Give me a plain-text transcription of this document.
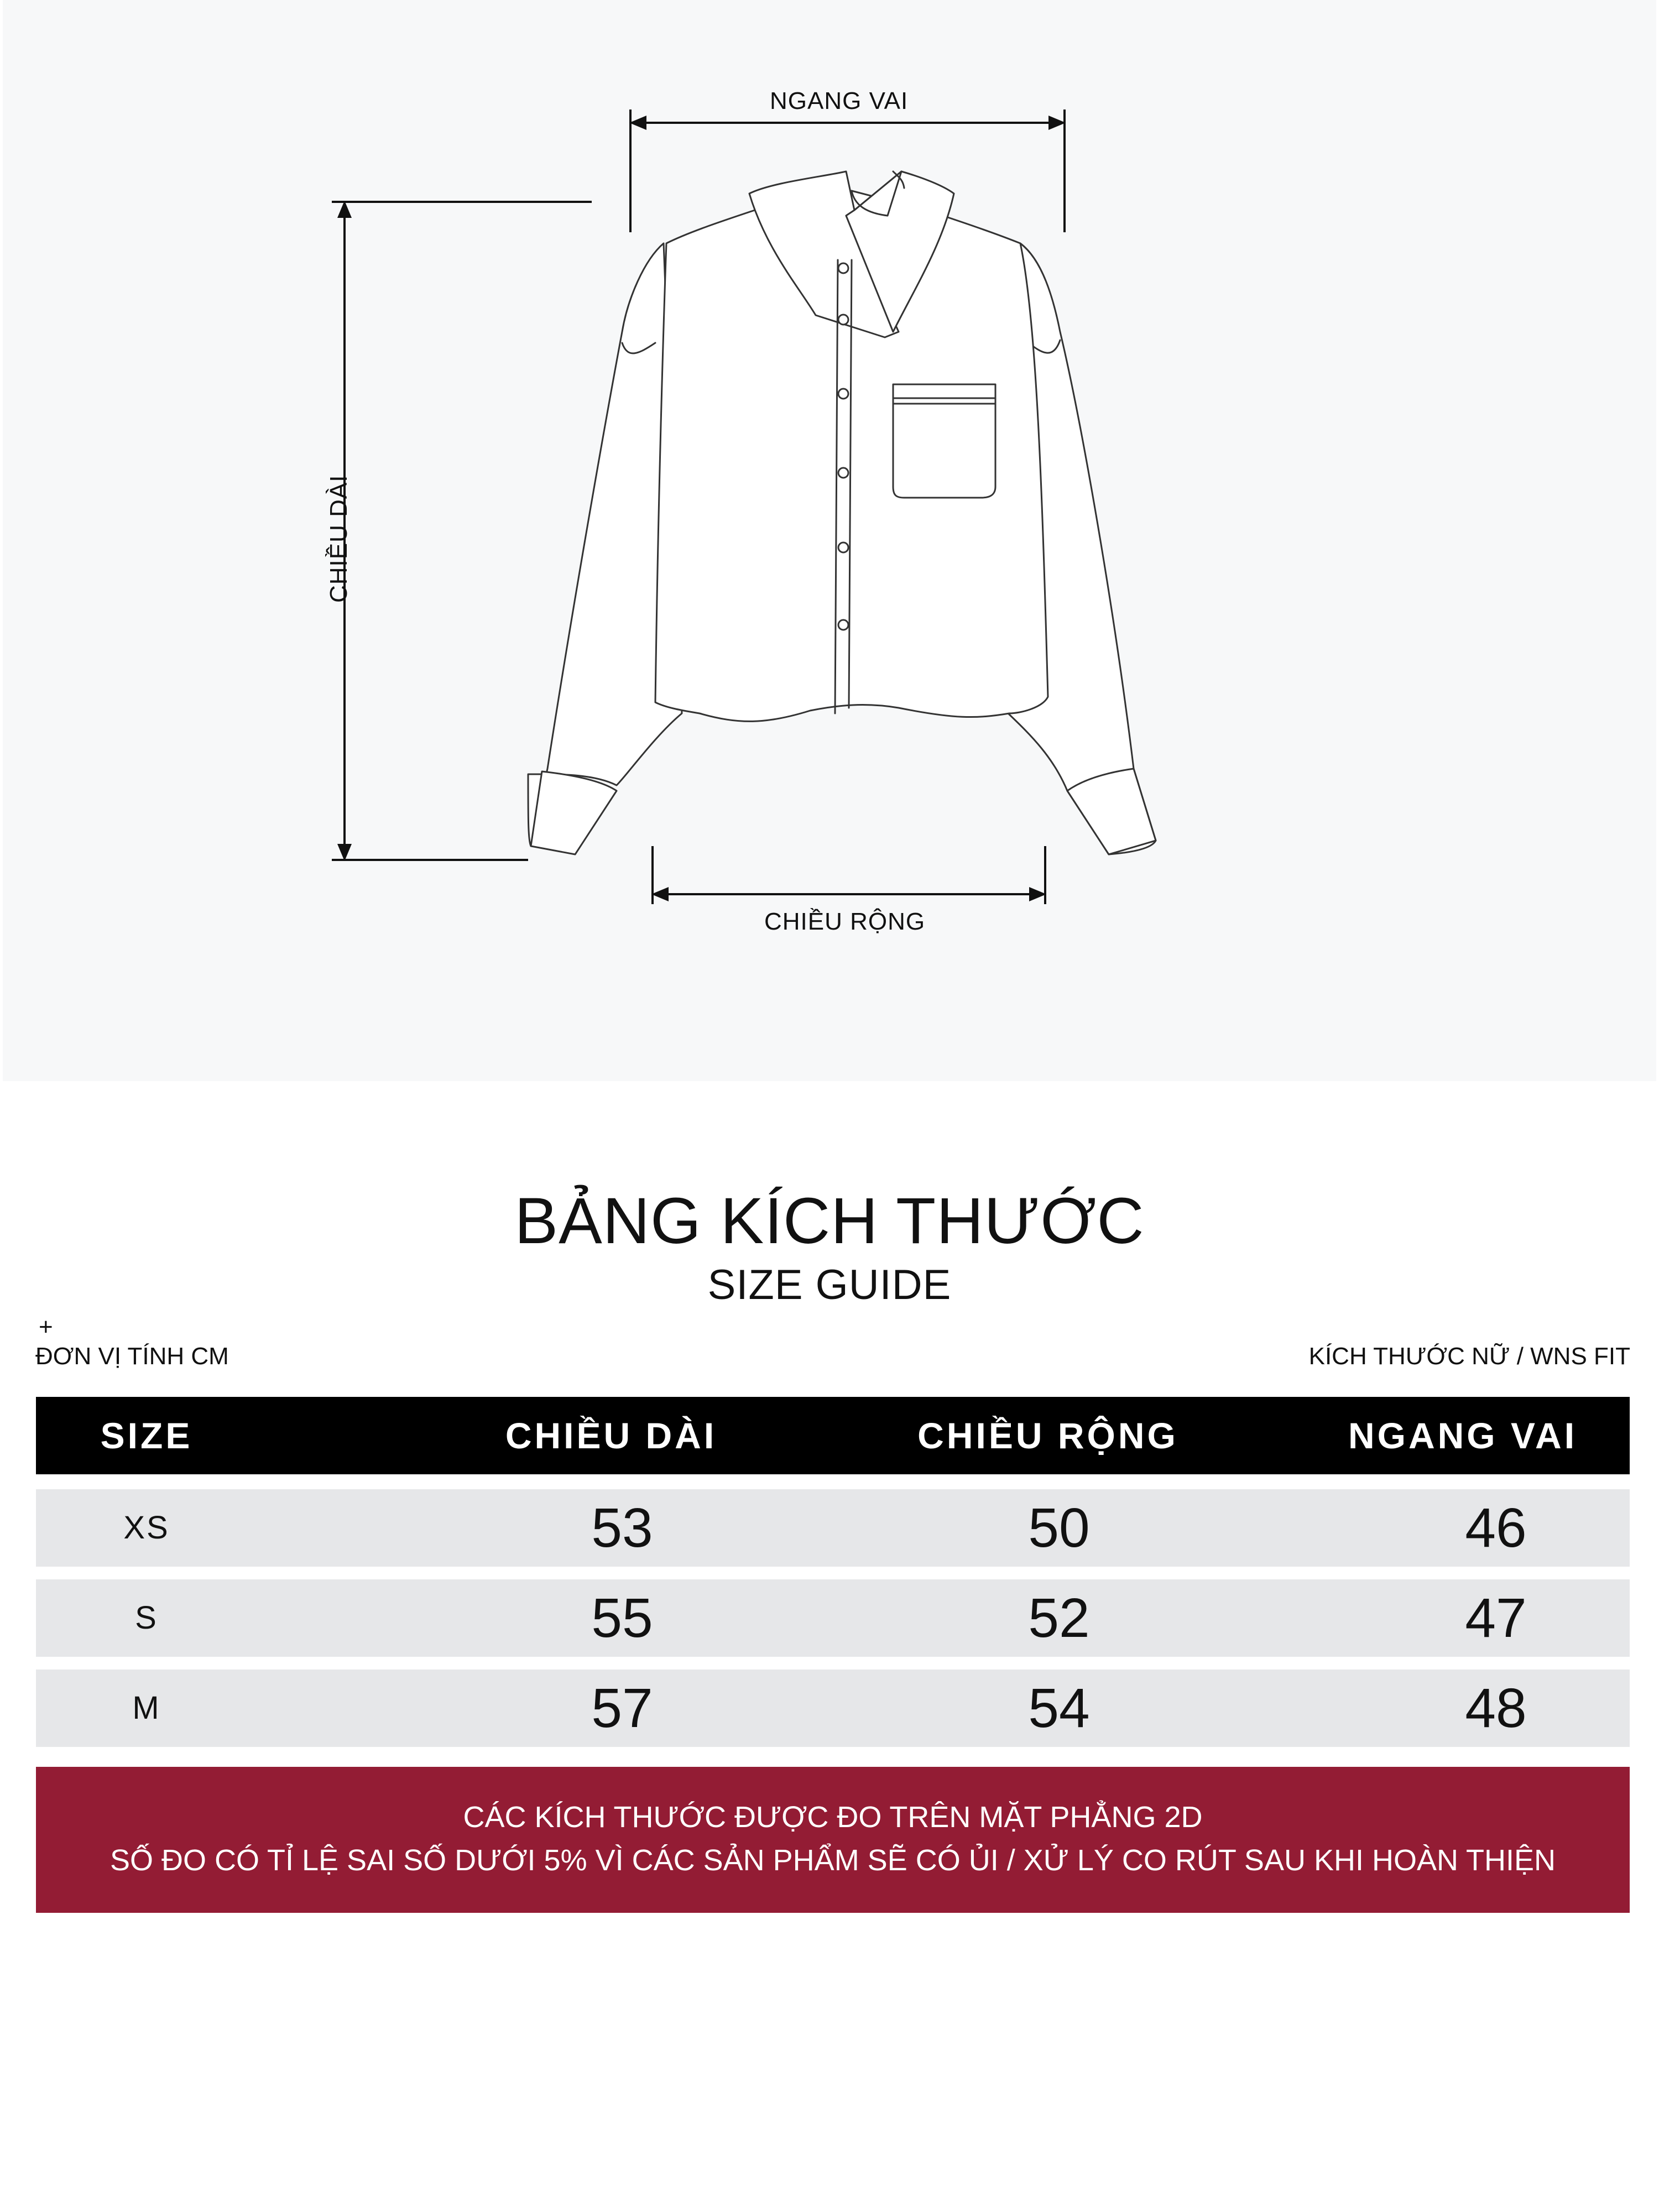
NGANG VAI
CHIỀU DÀI
CHIỀU RỘNG
BẢNG KÍCH THƯỚC
SIZE GUIDE
+
ĐƠN VỊ TÍNH CM	KÍCH THƯỚC NỮ / WNS FIT
SIZE	CHIỀU DÀI	CHIỀU RỘNG	NGANG VAI
XS	53	50	46
S	55	52	47
M	57	54	48
CÁC KÍCH THƯỚC ĐƯỢC ĐO TRÊN MẶT PHẲNG 2D
SỐ ĐO CÓ TỈ LỆ SAI SỐ DƯỚI 5% VÌ CÁC SẢN PHẨM SẼ CÓ ỦI / XỬ LÝ CO RÚT SAU KHI HOÀN THIỆN
